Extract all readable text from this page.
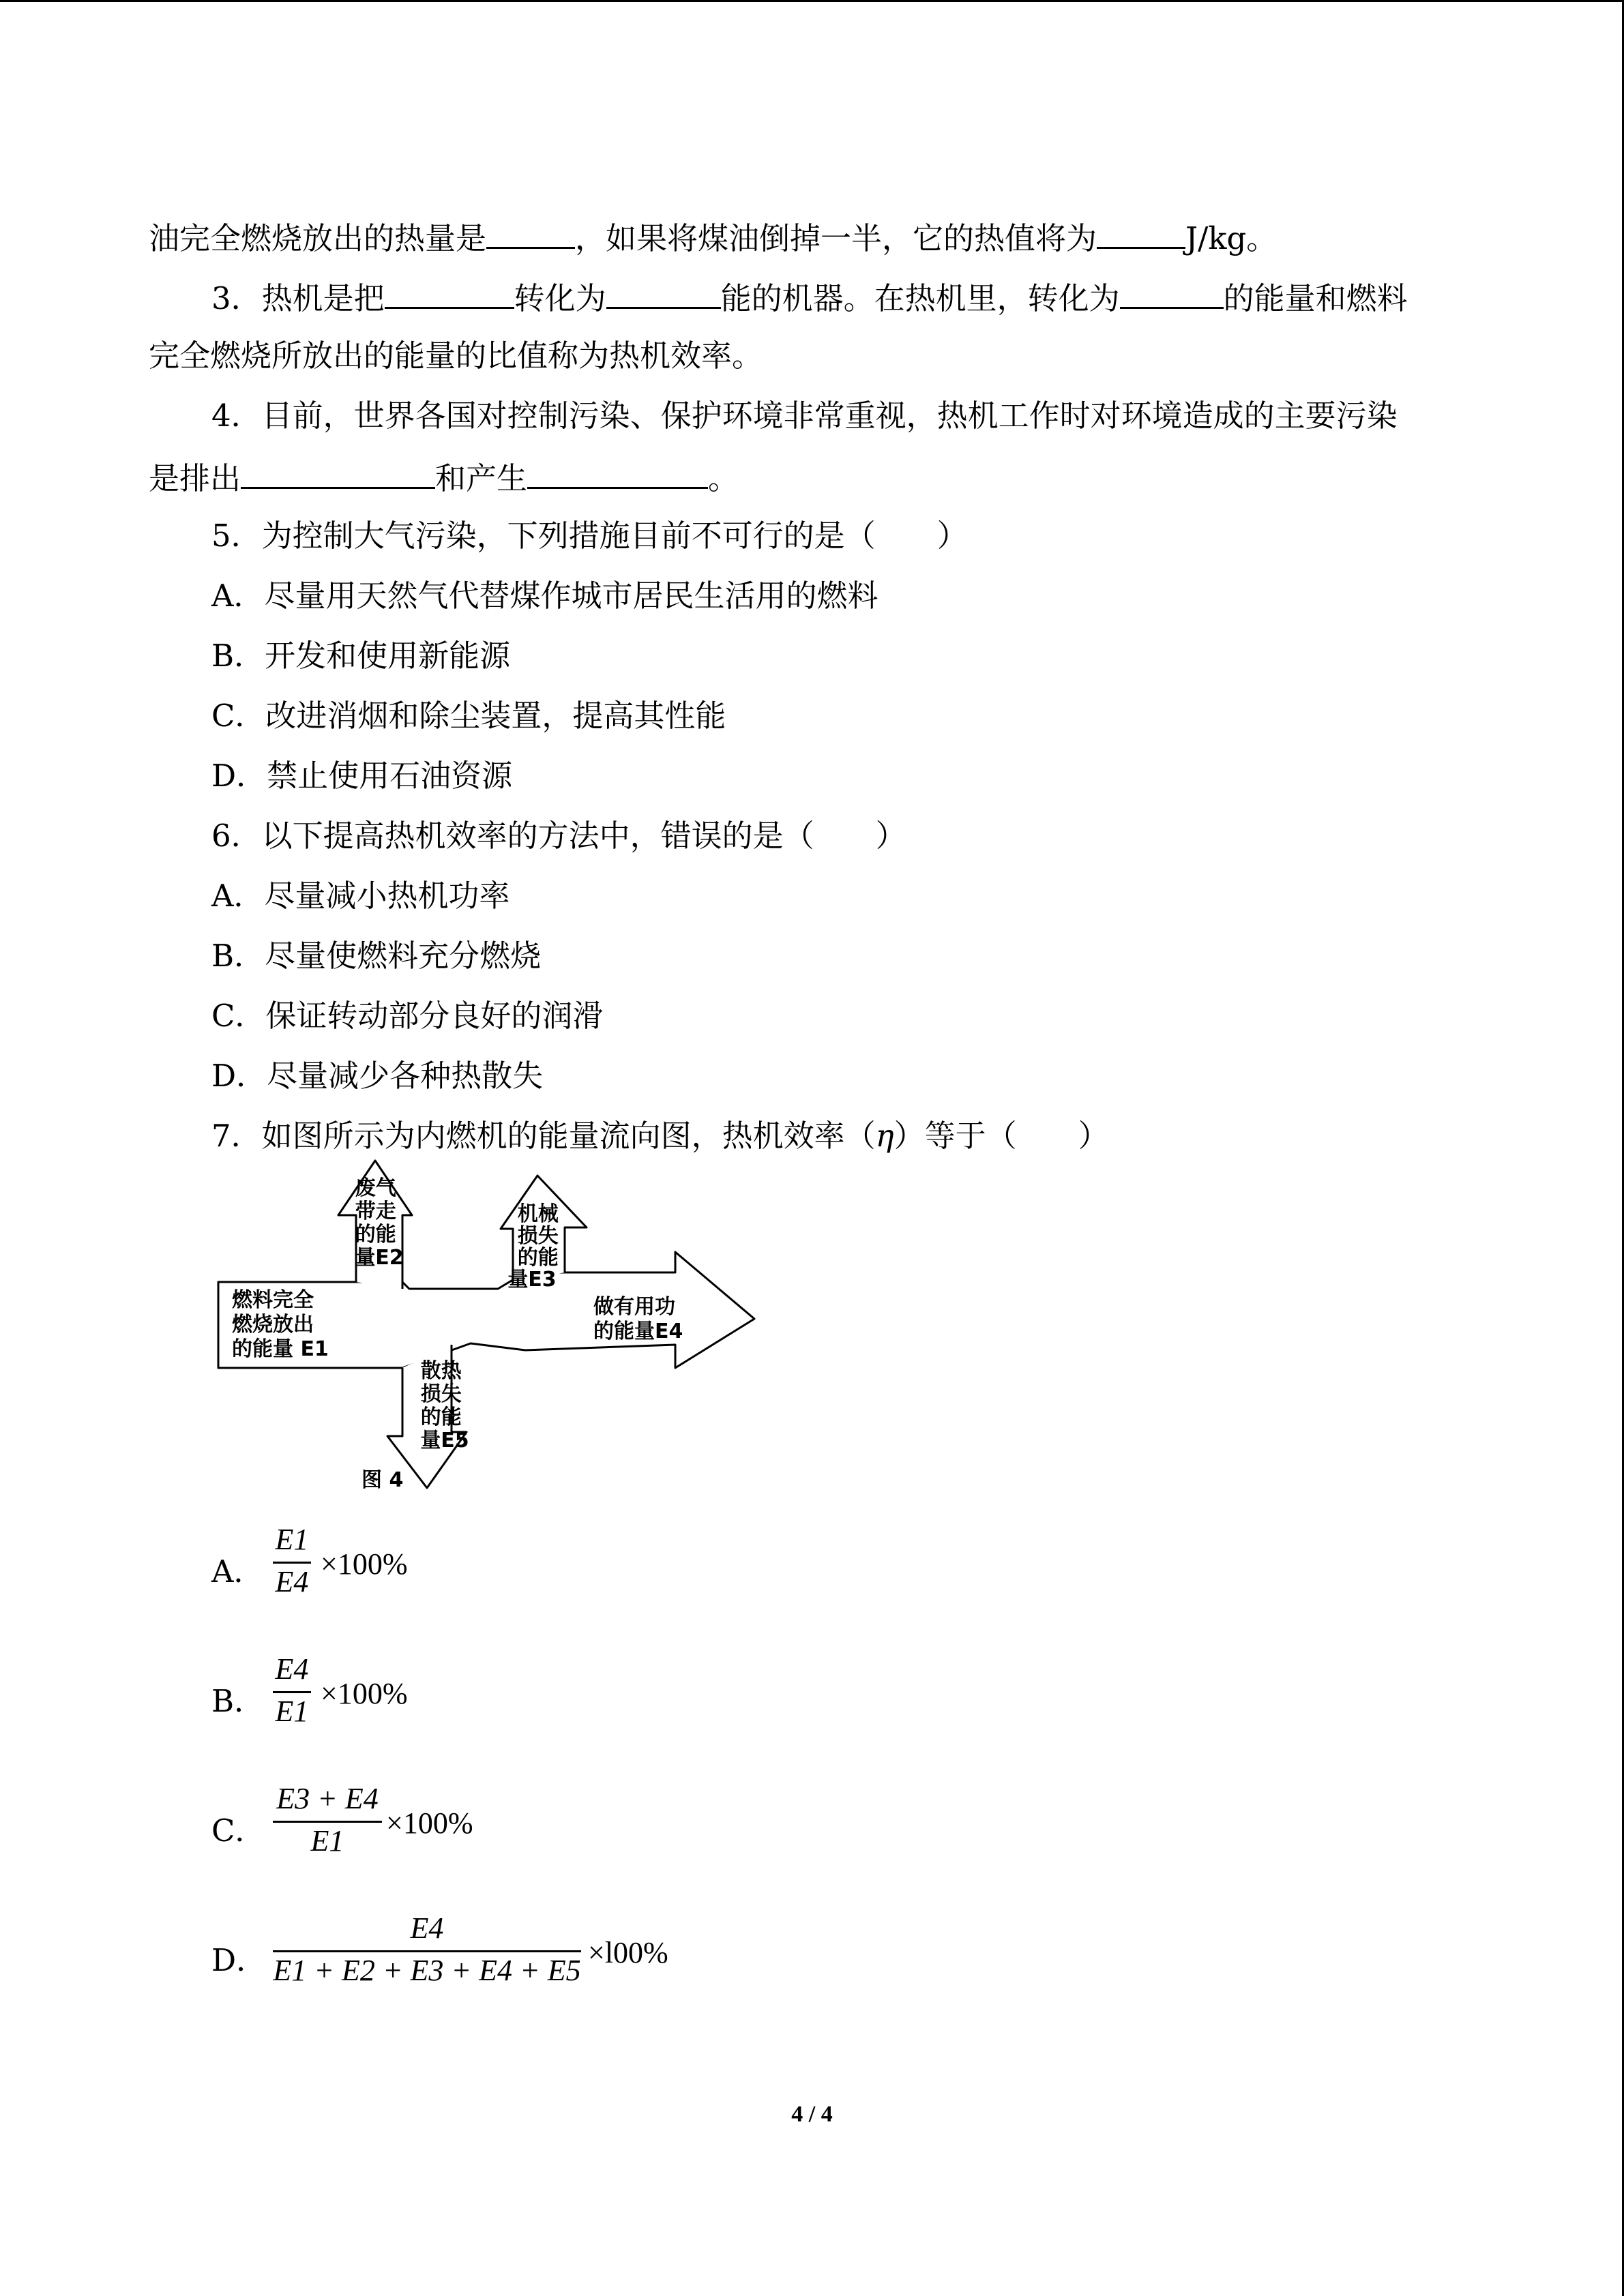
油完全燃烧放出的热量是	，如果将煤油倒掉一半，它的热值将为	J/kg。
3．热机是把	转化为	能的机器。在热机里，转化为	的能量和燃料
完全燃烧所放出的能量的比值称为热机效率。
4．目前，世界各国对控制污染、保护环境非常重视，热机工作时对环境造成的主要污染
是排出	和产生	。
5．为控制大气污染，下列措施目前不可行的是（　　）
A．尽量用天然气代替煤作城市居民生活用的燃料
B．开发和使用新能源
C．改进消烟和除尘装置，提高其性能
D．禁止使用石油资源
6．以下提高热机效率的方法中，错误的是（　　）
A．尽量减小热机功率
B．尽量使燃料充分燃烧
C．保证转动部分良好的润滑
D．尽量减少各种热散失
7．如图所示为内燃机的能量流向图，热机效率（η）等于（　　）
燃料完全 燃烧放出 的能量 E1
废气 带走 的能 量E2
机械 损失 的能 量E3
做有用功 的能量E4
散热 损失 的能 量E5
图 4
A．
E1
E4
×100%
B．
E4
E1
×100%
C．
E3 + E4
E1
×100%
D．
E4
E1 + E2 + E3 + E4 + E5
×l00%
4 / 4
